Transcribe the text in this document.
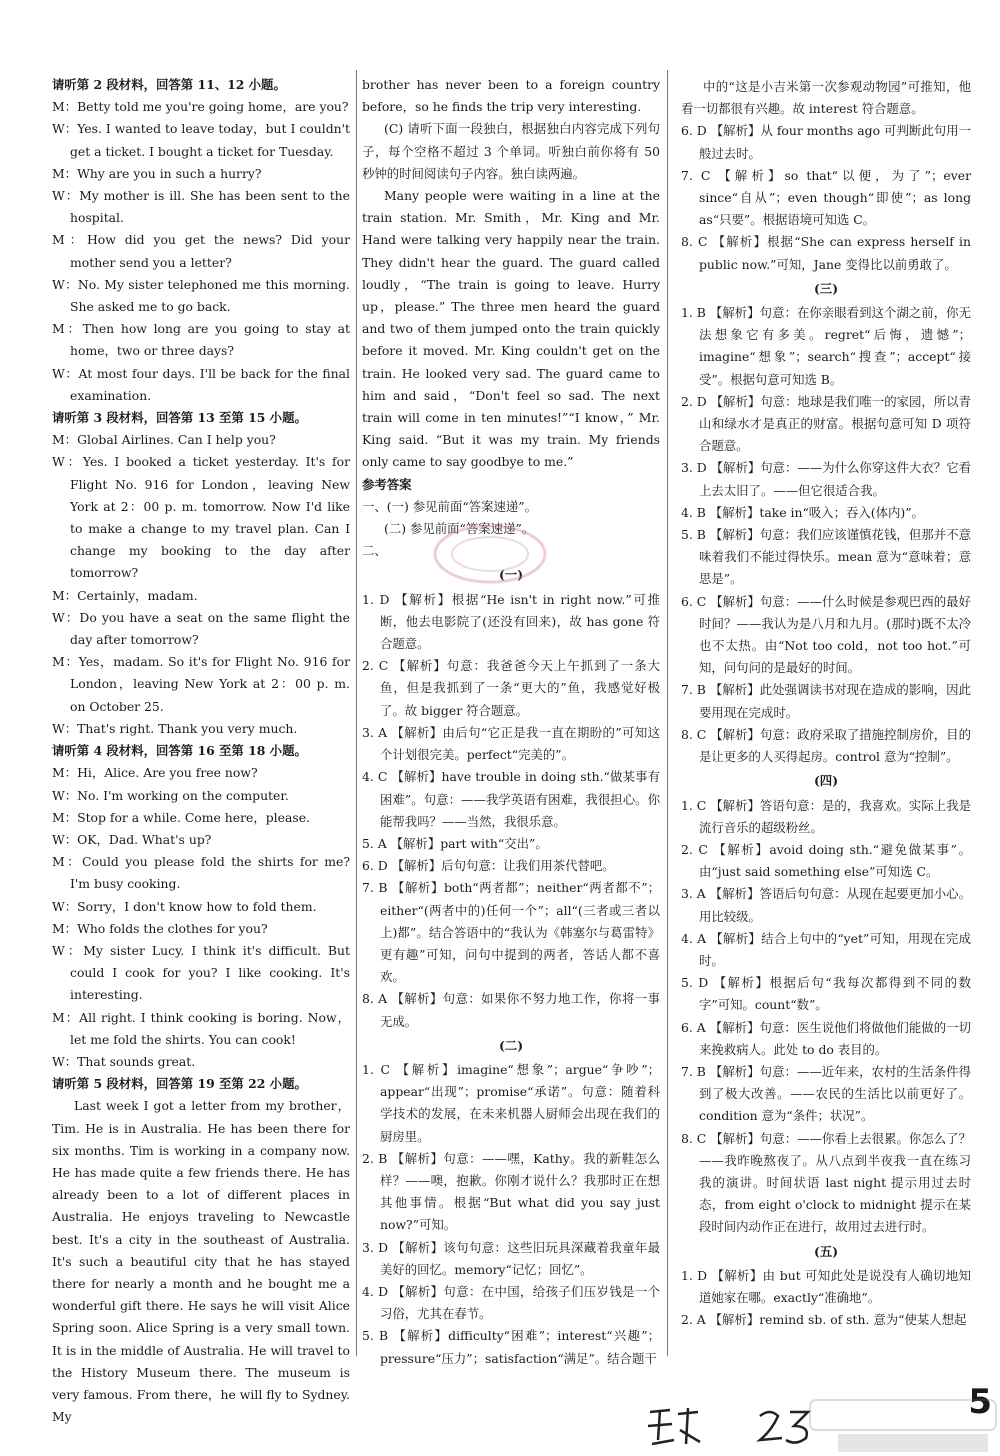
请听第 2 段材料，回答第 11、12 小题。

M：Betty told me you're going home，are you?

W：Yes. I wanted to leave today，but I couldn't get a ticket. I bought a ticket for Tuesday.

M：Why are you in such a hurry?

W：My mother is ill. She has been sent to the hospital.

M：How did you get the news? Did your mother send you a letter?

W：No. My sister telephoned me this morning. She asked me to go back.

M：Then how long are you going to stay at home，two or three days?

W：At most four days. I'll be back for the final examination.

请听第 3 段材料，回答第 13 至第 15 小题。

M：Global Airlines. Can I help you?

W：Yes. I booked a ticket yesterday. It's for Flight No. 916 for London，leaving New York at 2：00 p. m. tomorrow. Now I'd like to make a change to my travel plan. Can I change my booking to the day after tomorrow?

M：Certainly，madam.

W：Do you have a seat on the same flight the day after tomorrow?

M：Yes，madam. So it's for Flight No. 916 for London，leaving New York at 2：00 p. m. on October 25.

W：That's right. Thank you very much.

请听第 4 段材料，回答第 16 至第 18 小题。

M：Hi，Alice. Are you free now?

W：No. I'm working on the computer.

M：Stop for a while. Come here，please.

W：OK，Dad. What's up?

M：Could you please fold the shirts for me? I'm busy cooking.

W：Sorry，I don't know how to fold them.

M：Who folds the clothes for you?

W：My sister Lucy. I think it's difficult. But could I cook for you? I like cooking. It's interesting.

M：All right. I think cooking is boring. Now，let me fold the shirts. You can cook!

W：That sounds great.

请听第 5 段材料，回答第 19 至第 22 小题。

Last week I got a letter from my brother，Tim. He is in Australia. He has been there for six months. Tim is working in a company now. He has made quite a few friends there. He has already been to a lot of different places in Australia. He enjoys traveling to Newcastle best. It's a city in the southeast of Australia. It's such a beautiful city that he has stayed there for nearly a month and he bought me a wonderful gift there. He says he will visit Alice Spring soon. Alice Spring is a very small town. It is in the middle of Australia. He will travel to the History Museum there. The museum is very famous. From there，he will fly to Sydney. My

brother has never been to a foreign country before，so he finds the trip very interesting.

(C) 请听下面一段独白，根据独白内容完成下列句子，每个空格不超过 3 个单词。听独白前你将有 50 秒钟的时间阅读句子内容。独白读两遍。

Many people were waiting in a line at the train station. Mr. Smith，Mr. King and Mr. Hand were talking very happily near the train. They didn't hear the guard. The guard called loudly，“The train is going to leave. Hurry up，please.” The three men heard the guard and two of them jumped onto the train quickly before it moved. Mr. King couldn't get on the train. He looked very sad. The guard came to him and said，“Don't feel so sad. The next train will come in ten minutes!”“I know，” Mr. King said. “But it was my train. My friends only came to say goodbye to me.”

参考答案

一、(一) 参见前面“答案速递”。

(二) 参见前面“答案速递”。

二、

(一)

1. D 【解析】根据“He isn't in right now.”可推断，他去电影院了(还没有回来)，故 has gone 符合题意。

2. C 【解析】句意：我爸爸今天上午抓到了一条大鱼，但是我抓到了一条“更大的”鱼，我感觉好极了。故 bigger 符合题意。

3. A 【解析】由后句“它正是我一直在期盼的”可知这个计划很完美。perfect“完美的”。

4. C 【解析】have trouble in doing sth.“做某事有困难”。句意：——我学英语有困难，我很担心。你能帮我吗？——当然，我很乐意。

5. A 【解析】part with“交出”。

6. D 【解析】后句句意：让我们用茶代替吧。

7. B 【解析】both“两者都”；neither“两者都不”；either“(两者中的)任何一个”；all“(三者或三者以上)都”。结合答语中的“我认为《韩塞尔与葛雷特》更有趣”可知，问句中提到的两者，答话人都不喜欢。

8. A 【解析】句意：如果你不努力地工作，你将一事无成。

(二)

1. C 【解析】imagine“想象”；argue“争吵”；appear“出现”；promise“承诺”。句意：随着科学技术的发展，在未来机器人厨师会出现在我们的厨房里。

2. B 【解析】句意：——嘿，Kathy。我的新鞋怎么样？——噢，抱歉。你刚才说什么？我那时正在想其他事情。根据“But what did you say just now?”可知。

3. D 【解析】该句句意：这些旧玩具深藏着我童年最美好的回忆。memory“记忆；回忆”。

4. D 【解析】句意：在中国，给孩子们压岁钱是一个习俗，尤其在春节。

5. B 【解析】difficulty“困难”；interest“兴趣”；pressure“压力”；satisfaction“满足”。结合题干

中的“这是小吉米第一次参观动物园”可推知，他看一切都很有兴趣。故 interest 符合题意。

6. D 【解析】从 four months ago 可判断此句用一般过去时。

7. C 【解析】so that“以便，为了”；ever since“自从”；even though“即使”；as long as“只要”。根据语境可知选 C。

8. C 【解析】根据“She can express herself in public now.”可知，Jane 变得比以前勇敢了。

(三)

1. B 【解析】句意：在你亲眼看到这个湖之前，你无法想象它有多美。regret“后悔，遗憾”；imagine“想象”；search“搜查”；accept“接受”。根据句意可知选 B。

2. D 【解析】句意：地球是我们唯一的家园，所以青山和绿水才是真正的财富。根据句意可知 D 项符合题意。

3. D 【解析】句意：——为什么你穿这件大衣？它看上去太旧了。——但它很适合我。

4. B 【解析】take in“吸入；吞入(体内)”。

5. B 【解析】句意：我们应该谨慎花钱，但那并不意味着我们不能过得快乐。mean 意为“意味着；意思是”。

6. C 【解析】句意：——什么时候是参观巴西的最好时间？——我认为是八月和九月。(那时)既不太冷也不太热。由“Not too cold，not too hot.”可知，问句问的是最好的时间。

7. B 【解析】此处强调读书对现在造成的影响，因此要用现在完成时。

8. C 【解析】句意：政府采取了措施控制房价，目的是让更多的人买得起房。control 意为“控制”。

(四)

1. C 【解析】答语句意：是的，我喜欢。实际上我是流行音乐的超级粉丝。

2. C 【解析】avoid doing sth.“避免做某事”。由“just said something else”可知选 C。

3. A 【解析】答语后句句意：从现在起要更加小心。用比较级。

4. A 【解析】结合上句中的“yet”可知，用现在完成时。

5. D 【解析】根据后句“我每次都得到不同的数字”可知。count“数”。

6. A 【解析】句意：医生说他们将做他们能做的一切来挽救病人。此处 to do 表目的。

7. B 【解析】句意：——近年来，农村的生活条件得到了极大改善。——农民的生活比以前更好了。condition 意为“条件；状况”。

8. C 【解析】句意：——你看上去很累。你怎么了？——我昨晚熬夜了。从八点到半夜我一直在练习我的演讲。时间状语 last night 提示用过去时态，from eight o'clock to midnight 提示在某段时间内动作正在进行，故用过去进行时。

(五)

1. D 【解析】由 but 可知此处是说没有人确切地知道她家在哪。exactly“准确地”。

2. A 【解析】remind sb. of sth. 意为“使某人想起

5
